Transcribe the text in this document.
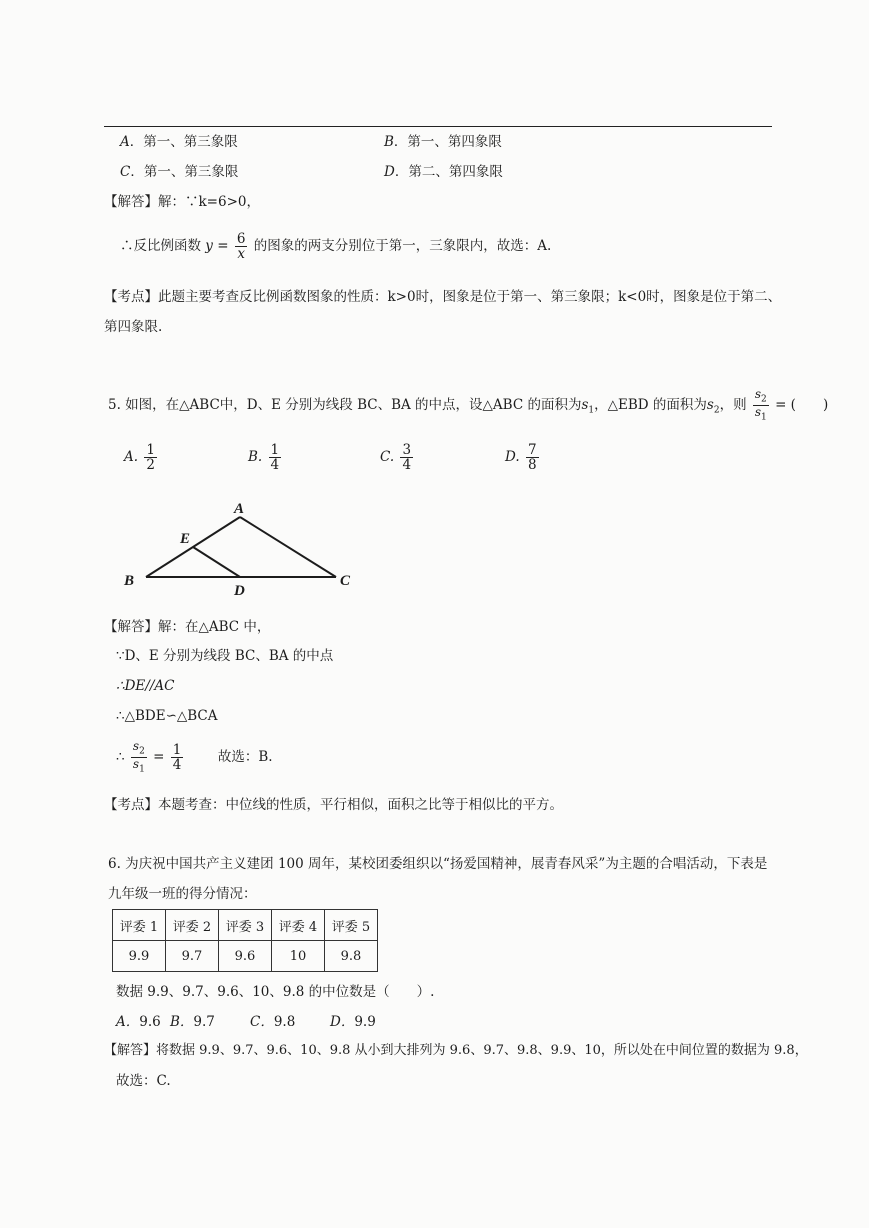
A．第一、第三象限	B．第一、第四象限
C．第一、第三象限	D．第二、第四象限
【解答】解：∵k=6>0，
∴反比例函数 $y = \frac{6}{x}$ 的图象的两支分别位于第一，三象限内，故选：A.
【考点】此题主要考查反比例函数图象的性质：k>0时，图象是位于第一、第三象限；k<0时，图象是位于第二、
第四象限.
5. 如图，在△ABC中，D、E 分别为线段 BC、BA 的中点，设△ABC 的面积为$s_1$，△EBD 的面积为$s_2$，则 $\frac{s_2}{s_1}$ = (　　)
A. $\frac{1}{2}$	B. $\frac{1}{4}$	C. $\frac{3}{4}$	D. $\frac{7}{8}$
A
B	C
D
E
【解答】解：在△ABC 中，
∵D、E 分别为线段 BC、BA 的中点
∴DE//AC
∴△BDE∽△BCA
∴ $\frac{s_2}{s_1} = \frac{1}{4}$	故选：B.
【考点】本题考查：中位线的性质，平行相似，面积之比等于相似比的平方。
6. 为庆祝中国共产主义建团 100 周年，某校团委组织以“扬爱国精神，展青春风采”为主题的合唱活动，下表是
九年级一班的得分情况：
评委 1	评委 2	评委 3	评委 4	评委 5
9.9	9.7	9.6	10	9.8
数据 9.9、9.7、9.6、10、9.8 的中位数是（　　）.
A．9.6 B．9.7	C．9.8	D．9.9
【解答】将数据 9.9、9.7、9.6、10、9.8 从小到大排列为 9.6、9.7、9.8、9.9、10，所以处在中间位置的数据为 9.8，
故选：C.
